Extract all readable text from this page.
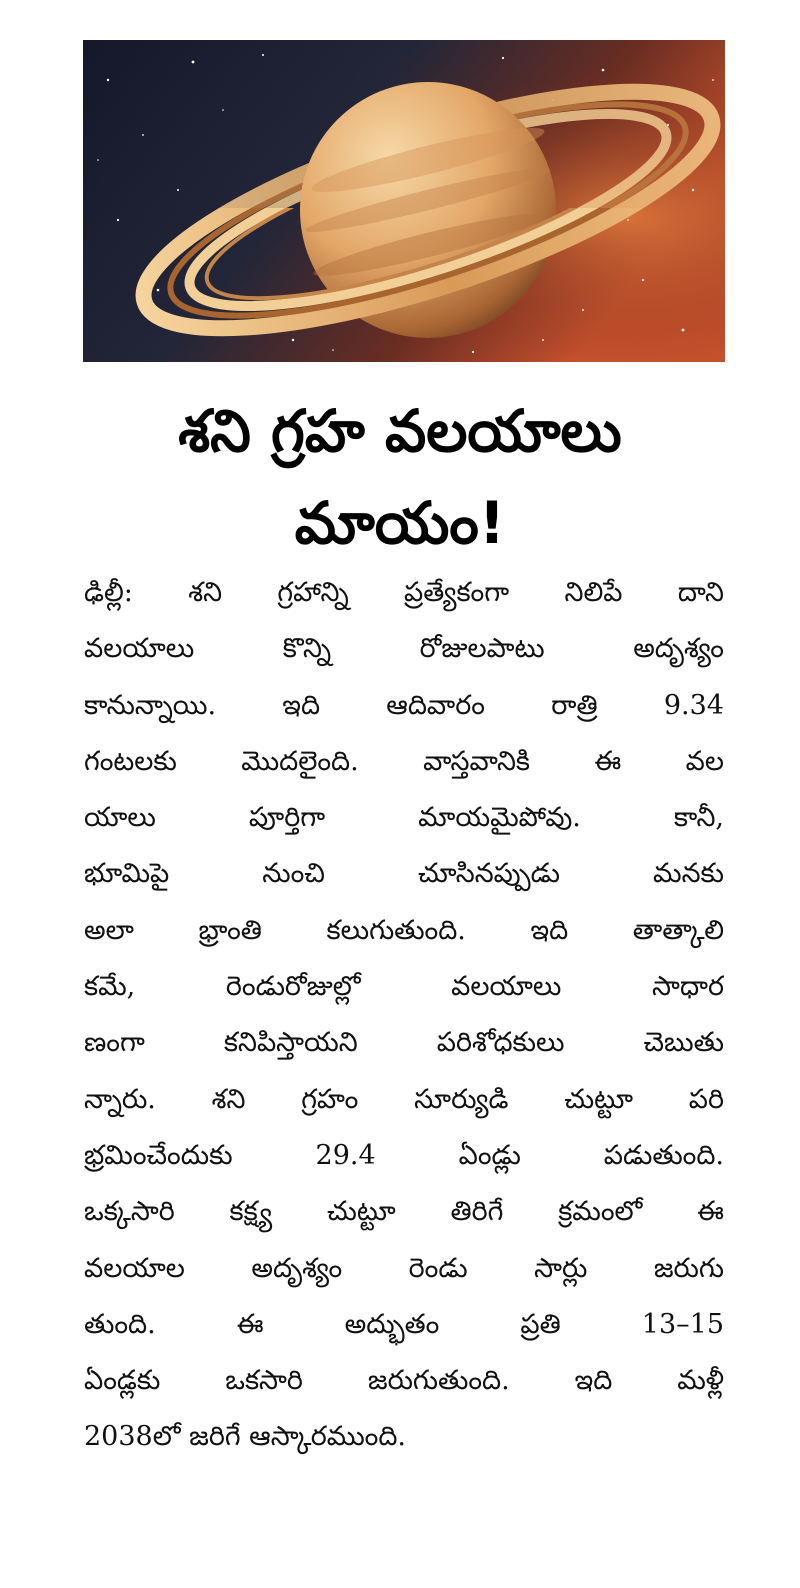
శని గ్రహ వలయాలు
మాయం!
ఢిల్లీ: శని గ్రహాన్ని ప్రత్యేకంగా నిలిపే దాని
వలయాలు కొన్ని రోజులపాటు అదృశ్యం
కానున్నాయి. ఇది ఆదివారం రాత్రి 9.34
గంటలకు మొదలైంది. వాస్తవానికి ఈ వల
యాలు పూర్తిగా మాయమైపోవు. కానీ,
భూమిపై నుంచి చూసినప్పుడు మనకు
అలా భ్రాంతి కలుగుతుంది. ఇది తాత్కాలి
కమే, రెండురోజుల్లో వలయాలు సాధార
ణంగా కనిపిస్తాయని పరిశోధకులు చెబుతు
న్నారు. శని గ్రహం సూర్యుడి చుట్టూ పరి
భ్రమించేందుకు 29.4 ఏండ్లు పడుతుంది.
ఒక్కసారి కక్ష్య చుట్టూ తిరిగే క్రమంలో ఈ
వలయాల అదృశ్యం రెండు సార్లు జరుగు
తుంది. ఈ అద్భుతం ప్రతి 13–15
ఏండ్లకు ఒకసారి జరుగుతుంది. ఇది మళ్లీ
2038లో జరిగే ఆస్కారముంది.
